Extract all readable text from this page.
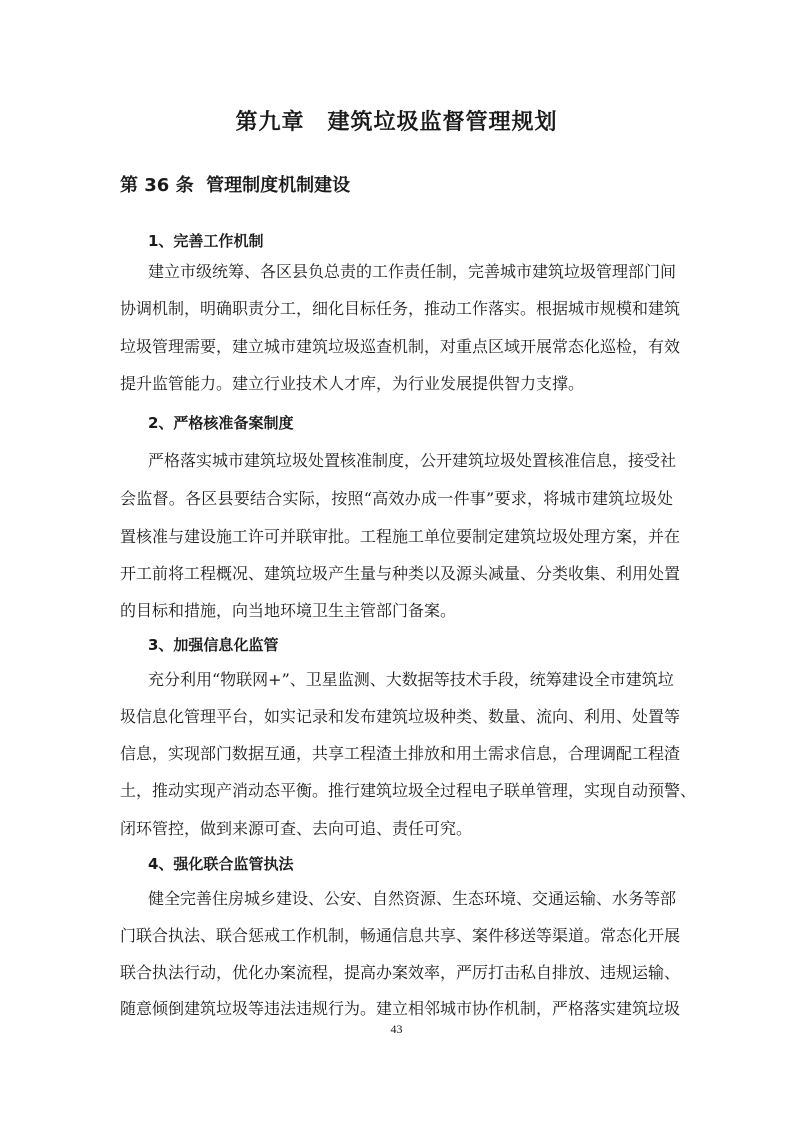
第九章　建筑垃圾监督管理规划
第 36 条  管理制度机制建设
1、完善工作机制
建立市级统筹、各区县负总责的工作责任制，完善城市建筑垃圾管理部门间
协调机制，明确职责分工，细化目标任务，推动工作落实。根据城市规模和建筑
垃圾管理需要，建立城市建筑垃圾巡查机制，对重点区域开展常态化巡检，有效
提升监管能力。建立行业技术人才库，为行业发展提供智力支撑。
2、严格核准备案制度
严格落实城市建筑垃圾处置核准制度，公开建筑垃圾处置核准信息，接受社
会监督。各区县要结合实际，按照“高效办成一件事”要求，将城市建筑垃圾处
置核准与建设施工许可并联审批。工程施工单位要制定建筑垃圾处理方案，并在
开工前将工程概况、建筑垃圾产生量与种类以及源头减量、分类收集、利用处置
的目标和措施，向当地环境卫生主管部门备案。
3、加强信息化监管
充分利用“物联网+”、卫星监测、大数据等技术手段，统筹建设全市建筑垃
圾信息化管理平台，如实记录和发布建筑垃圾种类、数量、流向、利用、处置等
信息，实现部门数据互通，共享工程渣土排放和用土需求信息，合理调配工程渣
土，推动实现产消动态平衡。推行建筑垃圾全过程电子联单管理，实现自动预警、
闭环管控，做到来源可查、去向可追、责任可究。
4、强化联合监管执法
健全完善住房城乡建设、公安、自然资源、生态环境、交通运输、水务等部
门联合执法、联合惩戒工作机制，畅通信息共享、案件移送等渠道。常态化开展
联合执法行动，优化办案流程，提高办案效率，严厉打击私自排放、违规运输、
随意倾倒建筑垃圾等违法违规行为。建立相邻城市协作机制，严格落实建筑垃圾
43
